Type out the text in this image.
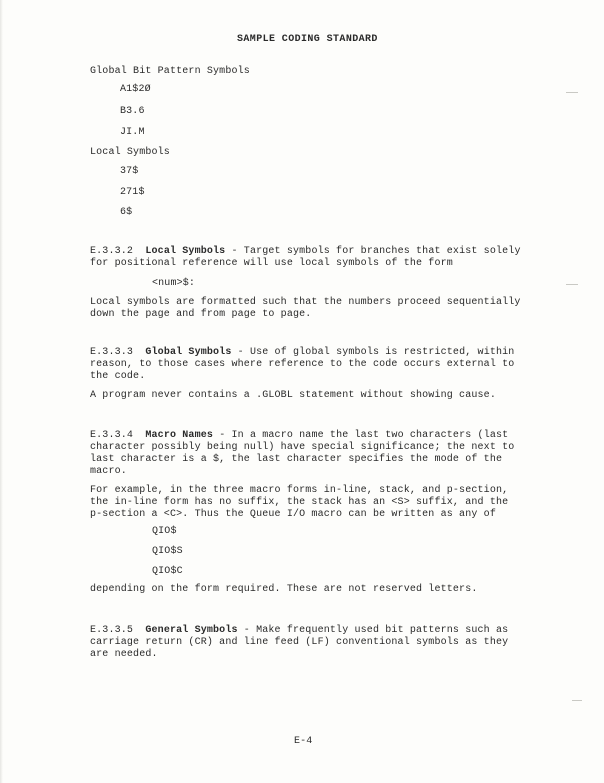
SAMPLE CODING STANDARD
Global Bit Pattern Symbols
A1$2Ø
B3.6
JI.M
Local Symbols
37$
271$
6$
E.3.3.2 Local Symbols - Target symbols for branches that exist solely
for positional reference will use local symbols of the form
<num>$:
Local symbols are formatted such that the numbers proceed sequentially
down the page and from page to page.
E.3.3.3 Global Symbols - Use of global symbols is restricted, within
reason, to those cases where reference to the code occurs external to
the code.
A program never contains a .GLOBL statement without showing cause.
E.3.3.4 Macro Names - In a macro name the last two characters (last
character possibly being null) have special significance; the next to
last character is a $, the last character specifies the mode of the
macro.
For example, in the three macro forms in-line, stack, and p-section,
the in-line form has no suffix, the stack has an <S> suffix, and the
p-section a <C>. Thus the Queue I/O macro can be written as any of
QIO$
QIO$S
QIO$C
depending on the form required. These are not reserved letters.
E.3.3.5 General Symbols - Make frequently used bit patterns such as
carriage return (CR) and line feed (LF) conventional symbols as they
are needed.
E-4
